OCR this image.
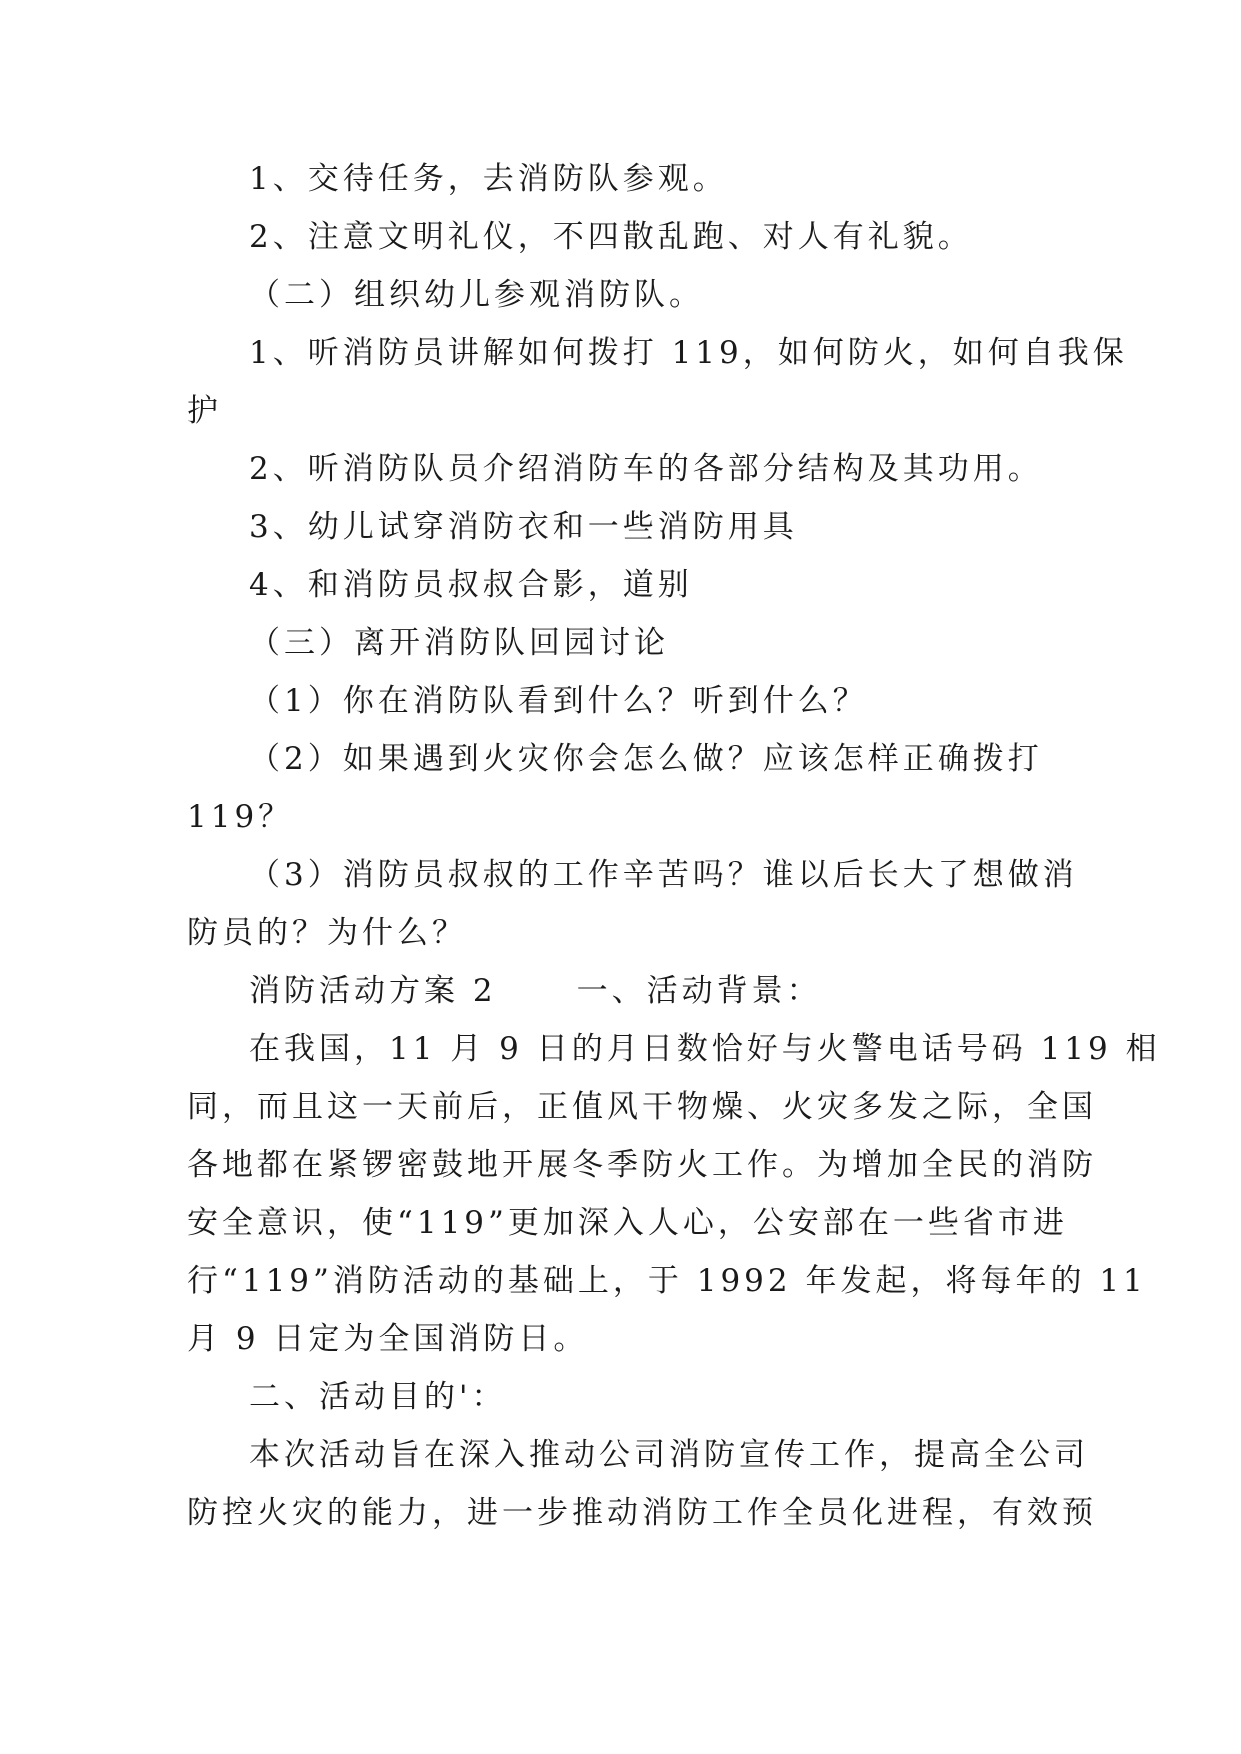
1、交待任务，去消防队参观。
2、注意文明礼仪，不四散乱跑、对人有礼貌。
（二）组织幼儿参观消防队。
1、听消防员讲解如何拨打 119，如何防火，如何自我保
护
2、听消防队员介绍消防车的各部分结构及其功用。
3、幼儿试穿消防衣和一些消防用具
4、和消防员叔叔合影，道别
（三）离开消防队回园讨论
（1）你在消防队看到什么？听到什么？
（2）如果遇到火灾你会怎么做？应该怎样正确拨打
119？
（3）消防员叔叔的工作辛苦吗？谁以后长大了想做消
防员的？为什么？
消防活动方案 2	一、活动背景：
在我国，11 月 9 日的月日数恰好与火警电话号码 119 相
同，而且这一天前后，正值风干物燥、火灾多发之际，全国
各地都在紧锣密鼓地开展冬季防火工作。为增加全民的消防
安全意识，使“119”更加深入人心，公安部在一些省市进
行“119”消防活动的基础上，于 1992 年发起，将每年的 11
月 9 日定为全国消防日。
二、活动目的'：
本次活动旨在深入推动公司消防宣传工作，提高全公司
防控火灾的能力，进一步推动消防工作全员化进程，有效预
